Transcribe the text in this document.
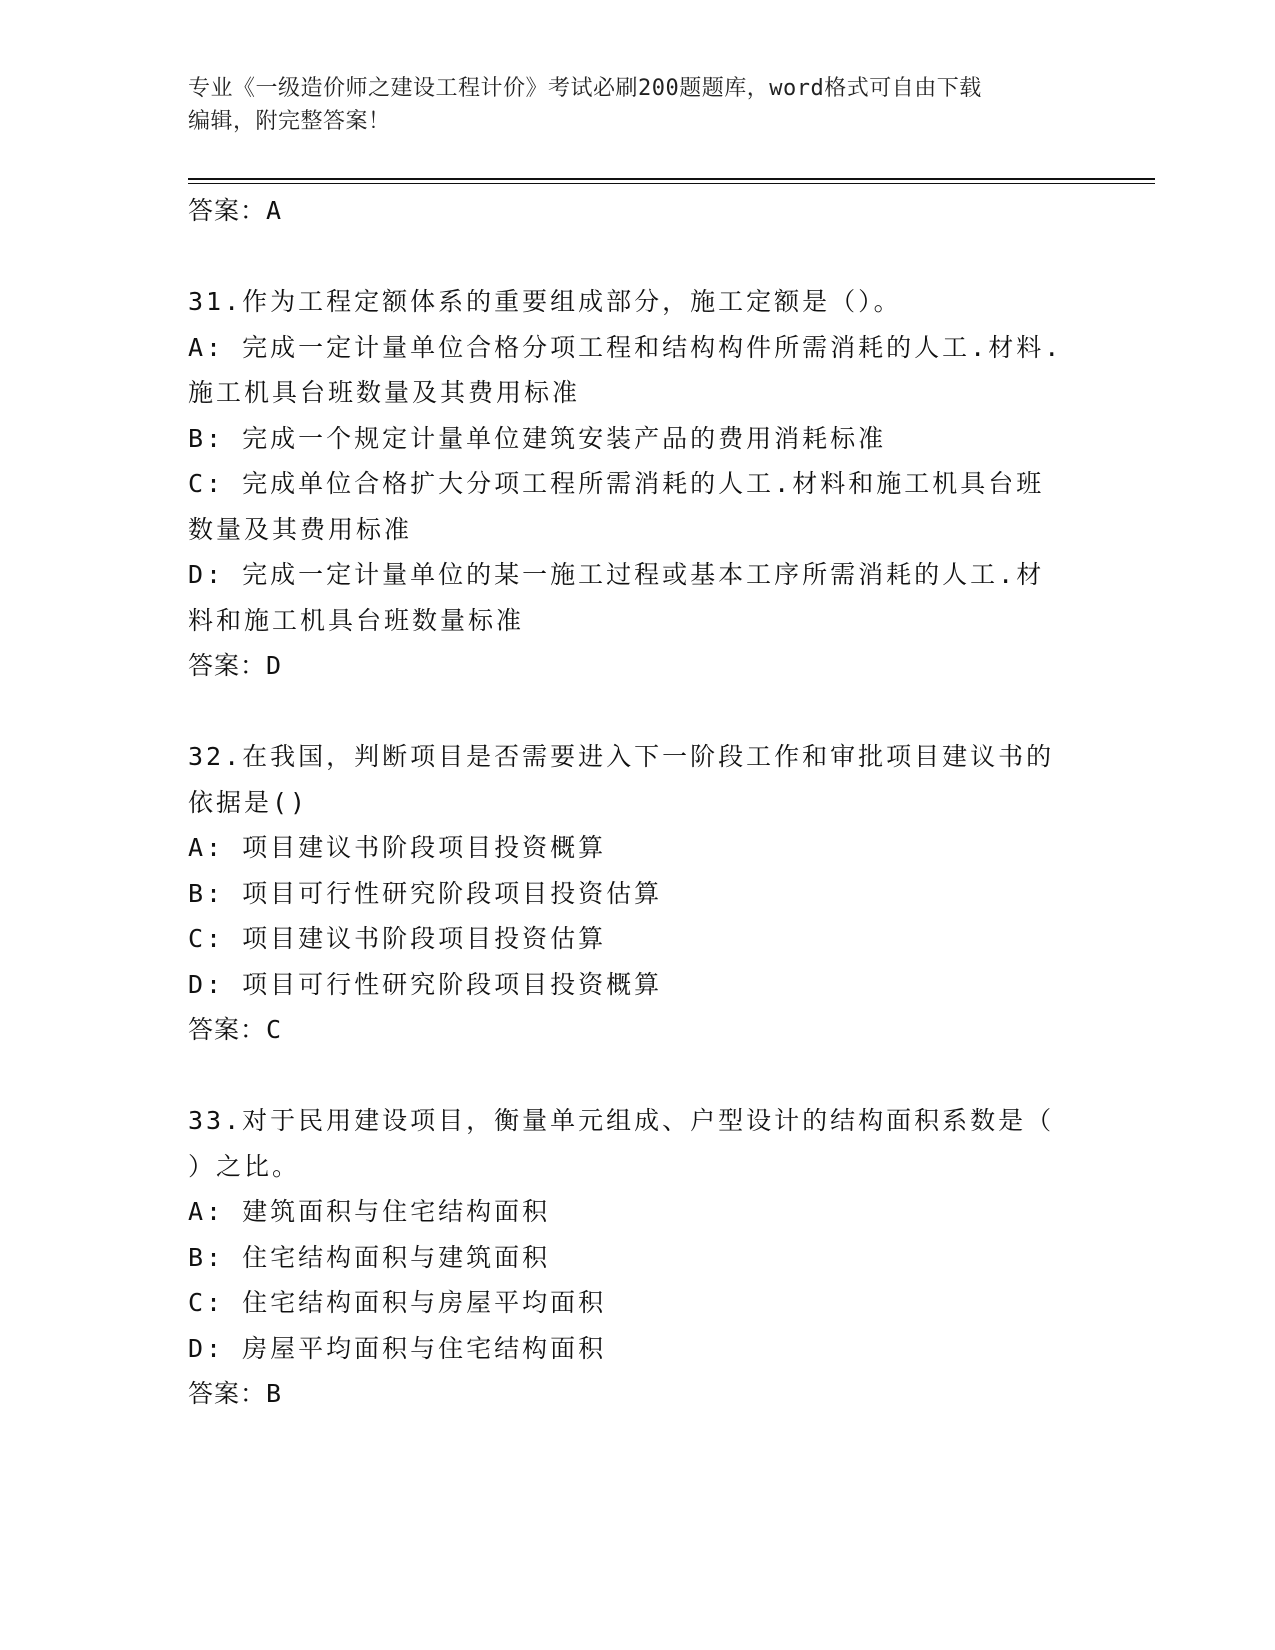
专业《一级造价师之建设工程计价》考试必刷200题题库，word格式可自由下载
编辑，附完整答案！
答案：A
31.作为工程定额体系的重要组成部分，施工定额是（）。
A: 完成一定计量单位合格分项工程和结构构件所需消耗的人工.材料.
施工机具台班数量及其费用标准
B: 完成一个规定计量单位建筑安装产品的费用消耗标准
C: 完成单位合格扩大分项工程所需消耗的人工.材料和施工机具台班
数量及其费用标准
D: 完成一定计量单位的某一施工过程或基本工序所需消耗的人工.材
料和施工机具台班数量标准
答案：D
32.在我国，判断项目是否需要进入下一阶段工作和审批项目建议书的
依据是()
A: 项目建议书阶段项目投资概算
B: 项目可行性研究阶段项目投资估算
C: 项目建议书阶段项目投资估算
D: 项目可行性研究阶段项目投资概算
答案：C
33.对于民用建设项目，衡量单元组成、户型设计的结构面积系数是（
）之比。
A: 建筑面积与住宅结构面积
B: 住宅结构面积与建筑面积
C: 住宅结构面积与房屋平均面积
D: 房屋平均面积与住宅结构面积
答案：B
